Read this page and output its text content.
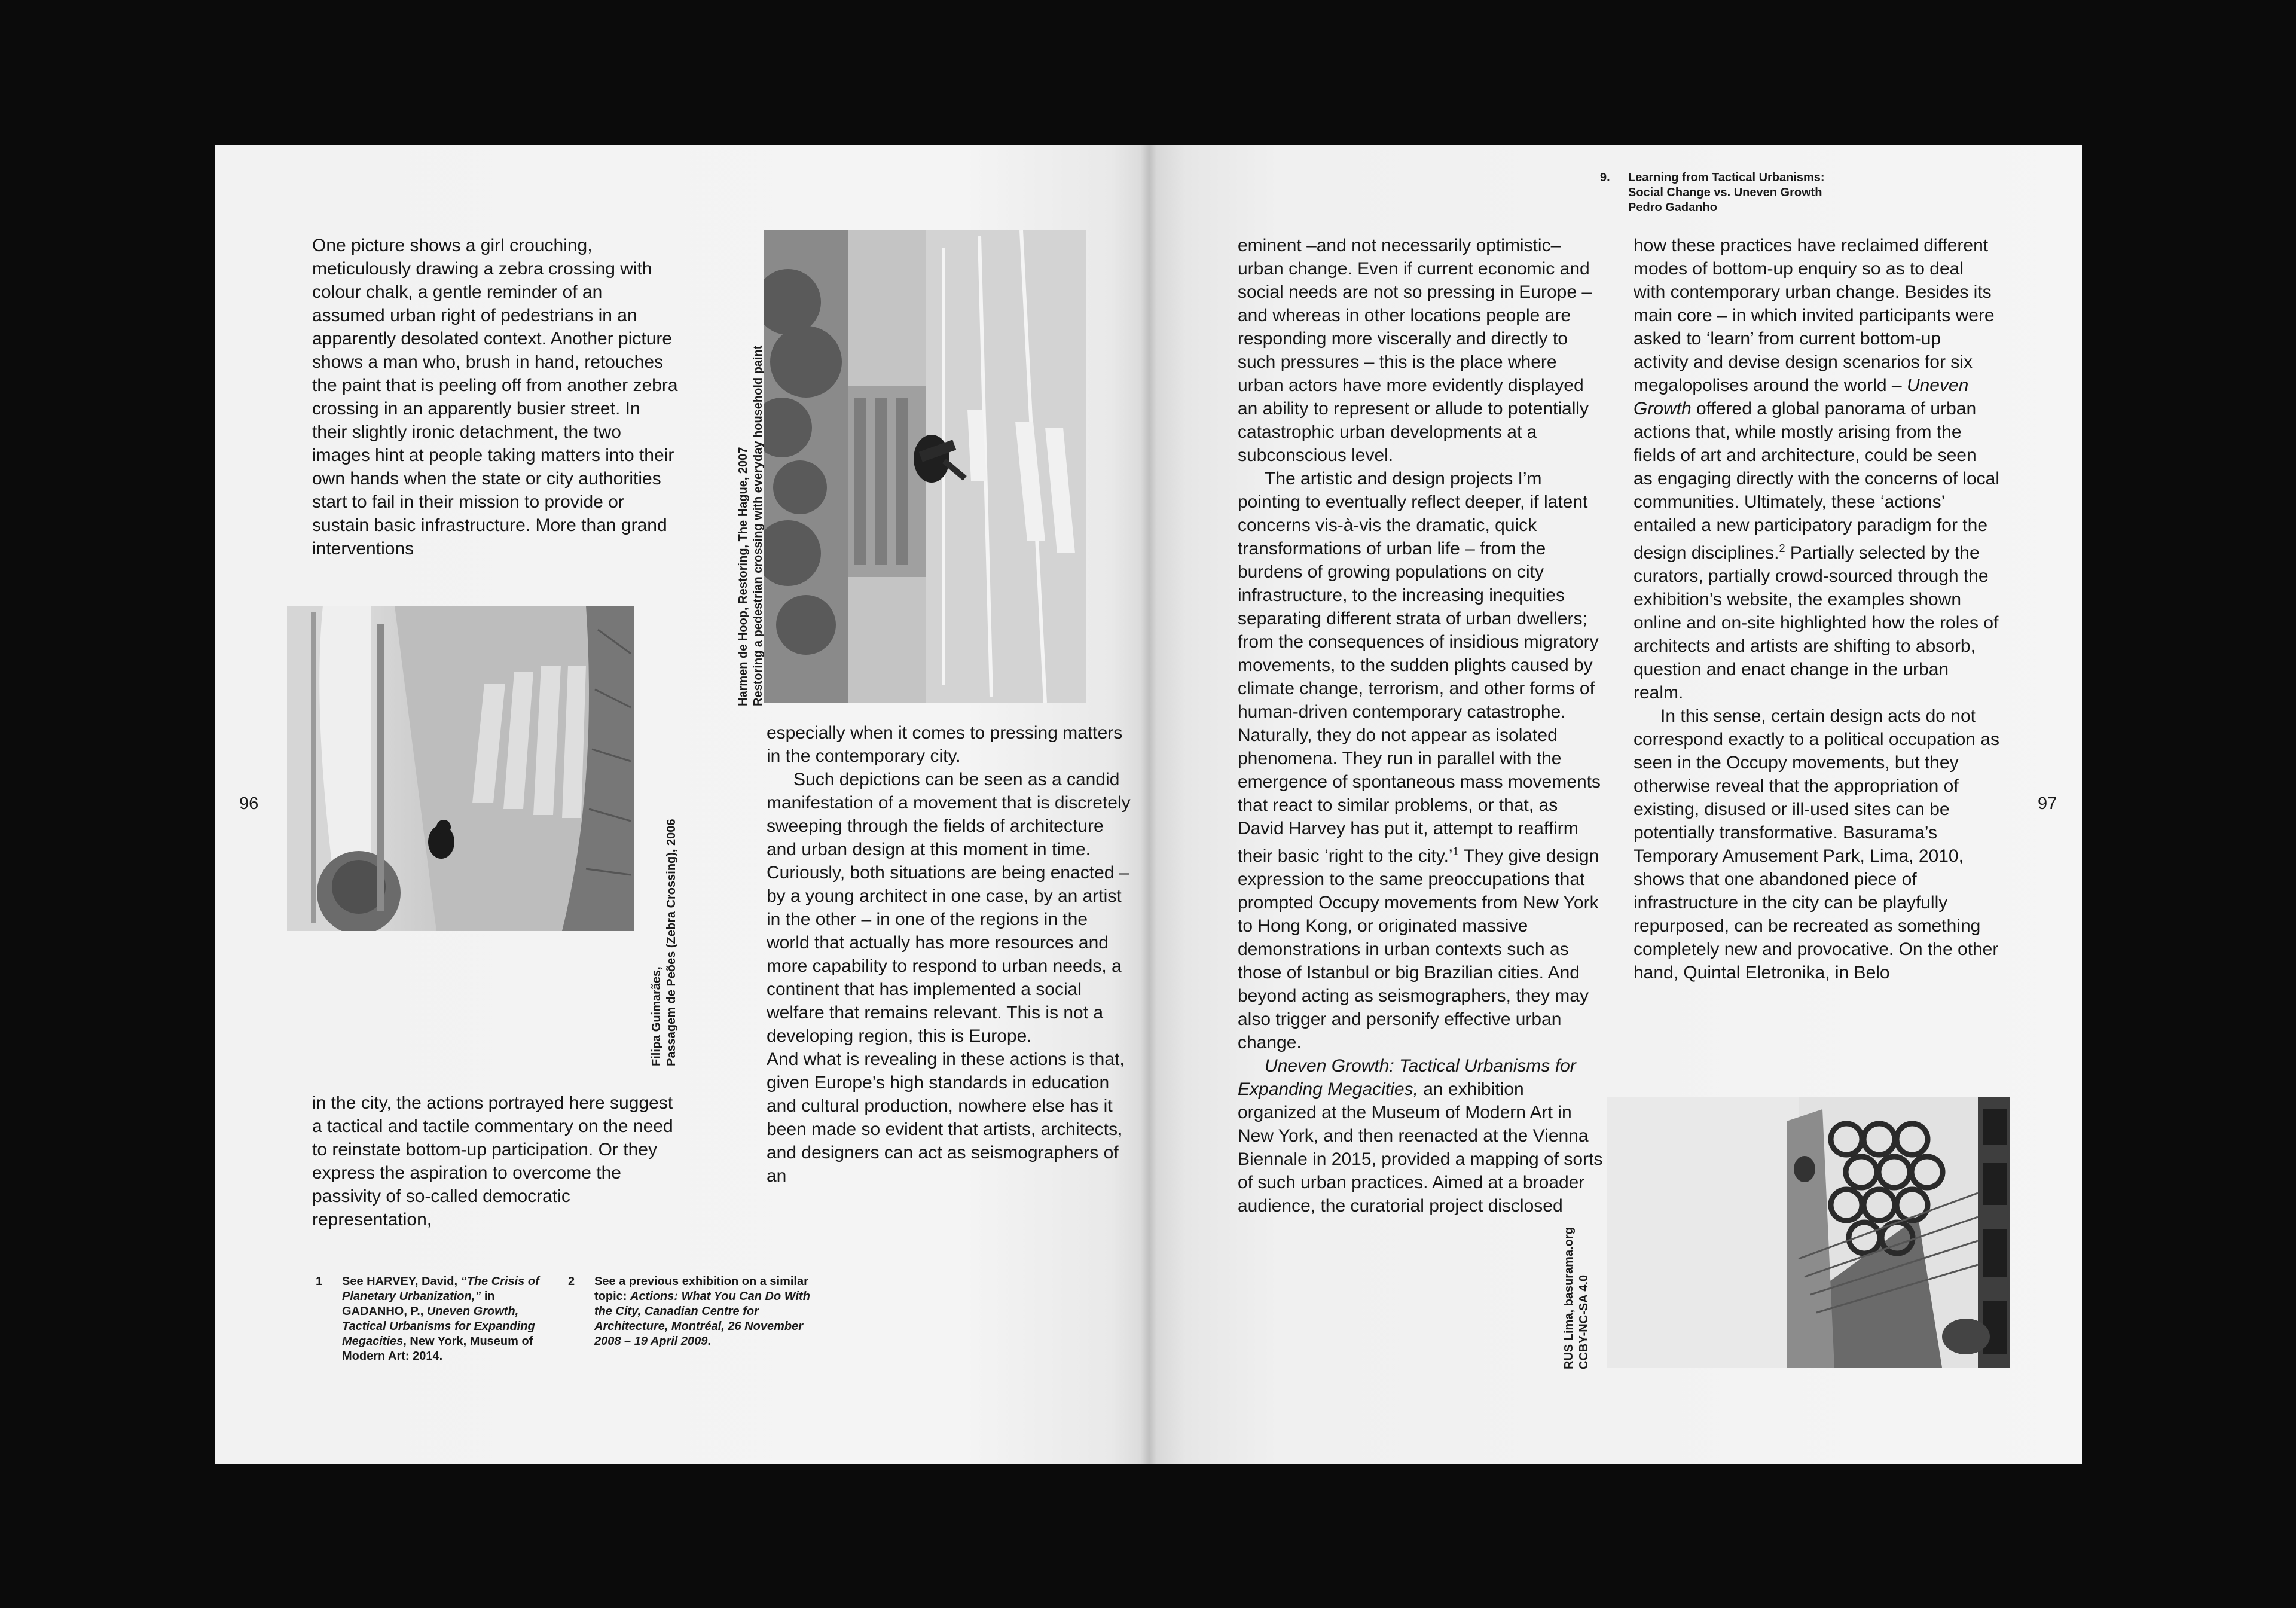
96

One picture shows a girl crouching, meticulously drawing a zebra crossing with colour chalk, a gentle reminder of an assumed urban right of pedestrians in an apparently desolated context. Another picture shows a man who, brush in hand, retouches the paint that is peeling off from another zebra crossing in an apparently busier street. In their slightly ironic detachment, the two images hint at people taking matters into their own hands when the state or city authorities start to fail in their mission to provide or sustain basic infrastructure. More than grand interventions

Filipa Guimarães, Passagem de Peões (Zebra Crossing), 2006
Harmen de Hoop, Restoring, The Hague, 2007 Restoring a pedestrian crossing with everyday household paint

especially when it comes to pressing matters in the contemporary city.

Such depictions can be seen as a candid manifestation of a movement that is discretely sweeping through the fields of architecture and urban design at this moment in time. Curiously, both situations are being enacted – by a young architect in one case, by an artist in the other – in one of the regions in the world that actually has more resources and more capability to respond to urban needs, a continent that has implemented a social welfare that remains relevant. This is not a developing region, this is Europe.

And what is revealing in these actions is that, given Europe’s high standards in education and cultural production, nowhere else has it been made so evident that artists, architects, and designers can act as seismographers of an

in the city, the actions portrayed here suggest a tactical and tactile commentary on the need to reinstate bottom-up participation. Or they express the aspiration to overcome the passivity of so-called democratic representation,

1 See HARVEY, David, “The Crisis of Planetary Urbanization,” in GADANHO, P., Uneven Growth, Tactical Urbanisms for Expanding Megacities, New York, Museum of Modern Art: 2014.
2 See a previous exhibition on a similar topic: Actions: What You Can Do With the City, Canadian Centre for Architecture, Montréal, 26 November 2008 – 19 April 2009.
9. Learning from Tactical Urbanisms:
Social Change vs. Uneven Growth
Pedro Gadanho

eminent –and not necessarily optimistic– urban change. Even if current economic and social needs are not so pressing in Europe – and whereas in other locations people are responding more viscerally and directly to such pressures – this is the place where urban actors have more evidently displayed an ability to represent or allude to potentially catastrophic urban developments at a subconscious level.

The artistic and design projects I’m pointing to eventually reflect deeper, if latent concerns vis-à-vis the dramatic, quick transformations of urban life – from the burdens of growing populations on city infrastructure, to the increasing inequities separating different strata of urban dwellers; from the consequences of insidious migratory movements, to the sudden plights caused by climate change, terrorism, and other forms of human-driven contemporary catastrophe. Naturally, they do not appear as isolated phenomena. They run in parallel with the emergence of spontaneous mass movements that react to similar problems, or that, as David Harvey has put it, attempt to reaffirm their basic ‘right to the city.’$^1$ They give design expression to the same preoccupations that prompted Occupy movements from New York to Hong Kong, or originated massive demonstrations in urban contexts such as those of Istanbul or big Brazilian cities. And beyond acting as seismographers, they may also trigger and personify effective urban change.

Uneven Growth: Tactical Urbanisms for Expanding Megacities, an exhibition organized at the Museum of Modern Art in New York, and then reenacted at the Vienna Biennale in 2015, provided a mapping of sorts of such urban practices. Aimed at a broader audience, the curatorial project disclosed

how these practices have reclaimed different modes of bottom-up enquiry so as to deal with contemporary urban change. Besides its main core – in which invited participants were asked to ‘learn’ from current bottom-up activity and devise design scenarios for six megalopolises around the world – Uneven Growth offered a global panorama of urban actions that, while mostly arising from the fields of art and architecture, could be seen as engaging directly with the concerns of local communities. Ultimately, these ‘actions’ entailed a new participatory paradigm for the design disciplines.$^2$ Partially selected by the curators, partially crowd-sourced through the exhibition’s website, the examples shown online and on-site highlighted how the roles of architects and artists are shifting to absorb, question and enact change in the urban realm.

In this sense, certain design acts do not correspond exactly to a political occupation as seen in the Occupy movements, but they otherwise reveal that the appropriation of existing, disused or ill-used sites can be potentially transformative. Basurama’s Temporary Amusement Park, Lima, 2010, shows that one abandoned piece of infrastructure in the city can be playfully repurposed, can be recreated as something completely new and provocative. On the other hand, Quintal Eletronika, in Belo

97
RUS Lima, basurama.org CCBY-NC-SA 4.0
